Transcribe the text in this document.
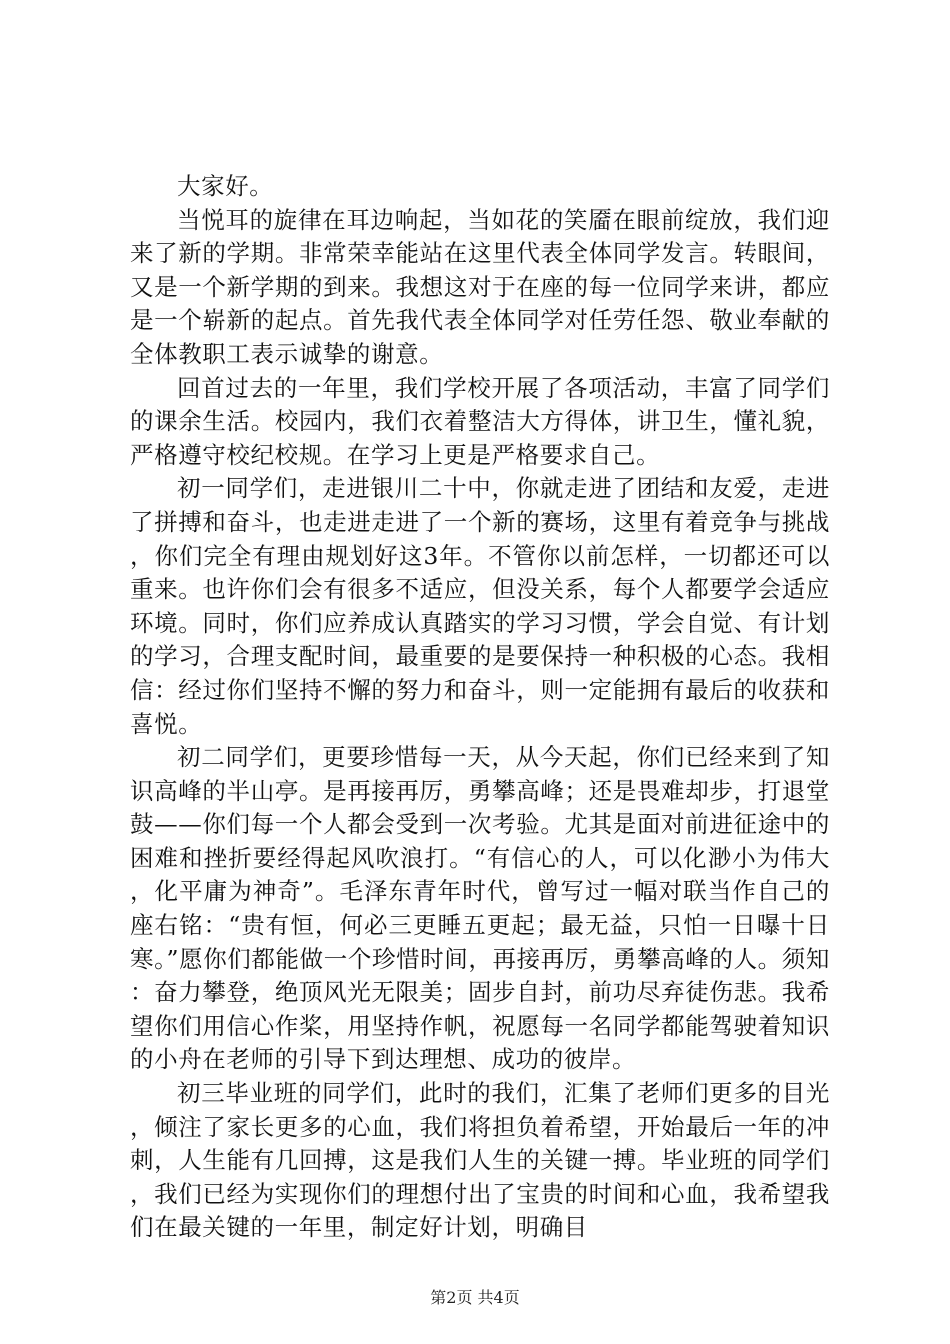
大家好。

当悦耳的旋律在耳边响起，当如花的笑靥在眼前绽放，我们迎来了新的学期。非常荣幸能站在这里代表全体同学发言。转眼间，又是一个新学期的到来。我想这对于在座的每一位同学来讲，都应是一个崭新的起点。首先我代表全体同学对任劳任怨、敬业奉献的全体教职工表示诚挚的谢意。

回首过去的一年里，我们学校开展了各项活动，丰富了同学们的课余生活。校园内，我们衣着整洁大方得体，讲卫生，懂礼貌，严格遵守校纪校规。在学习上更是严格要求自己。

初一同学们，走进银川二十中，你就走进了团结和友爱，走进了拼搏和奋斗，也走进走进了一个新的赛场，这里有着竞争与挑战，你们完全有理由规划好这3年。不管你以前怎样，一切都还可以重来。也许你们会有很多不适应，但没关系，每个人都要学会适应环境。同时，你们应养成认真踏实的学习习惯，学会自觉、有计划的学习，合理支配时间，最重要的是要保持一种积极的心态。我相信：经过你们坚持不懈的努力和奋斗，则一定能拥有最后的收获和喜悦。

初二同学们，更要珍惜每一天，从今天起，你们已经来到了知识高峰的半山亭。是再接再厉，勇攀高峰；还是畏难却步，打退堂鼓——你们每一个人都会受到一次考验。尤其是面对前进征途中的困难和挫折要经得起风吹浪打。“有信心的人，可以化渺小为伟大，化平庸为神奇”。毛泽东青年时代，曾写过一幅对联当作自己的座右铭：“贵有恒，何必三更睡五更起；最无益，只怕一日曝十日寒。”愿你们都能做一个珍惜时间，再接再厉，勇攀高峰的人。须知：奋力攀登，绝顶风光无限美；固步自封，前功尽弃徒伤悲。我希望你们用信心作桨，用坚持作帆，祝愿每一名同学都能驾驶着知识的小舟在老师的引导下到达理想、成功的彼岸。

初三毕业班的同学们，此时的我们，汇集了老师们更多的目光，倾注了家长更多的心血，我们将担负着希望，开始最后一年的冲刺，人生能有几回搏，这是我们人生的关键一搏。毕业班的同学们，我们已经为实现你们的理想付出了宝贵的时间和心血，我希望我们在最关键的一年里，制定好计划，明确目

第2页 共4页
